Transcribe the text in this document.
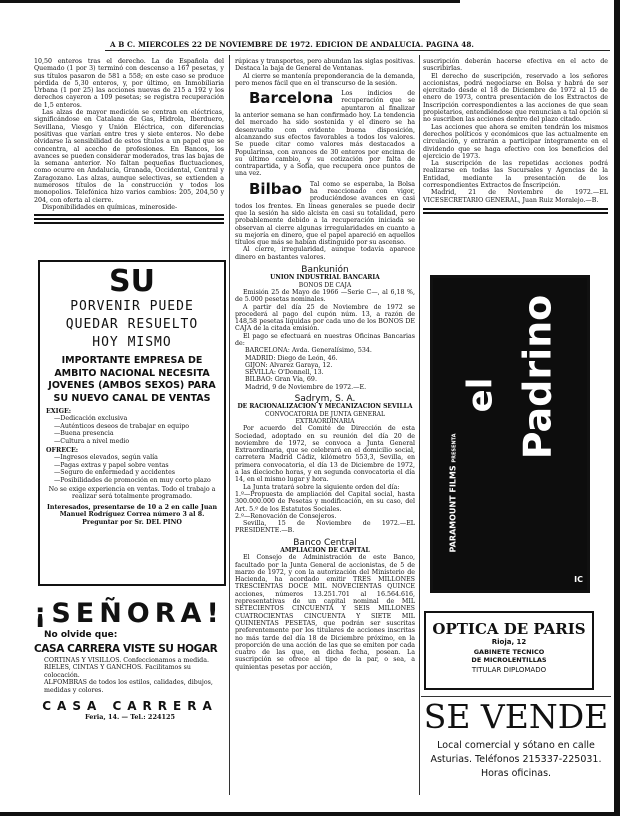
A B C. MIERCOLES 22 DE NOVIEMBRE DE 1972. EDICION DE ANDALUCIA. PAGINA 48.

10,50 enteros tras el derecho. La de Española del Quemado (1 por 3) terminó con descenso a 167 pesetas, y sus títulos pasaron de 581 a 558; en este caso se produce pérdida de 5,30 enteros, y, por último, en Inmobiliaria Urbana (1 por 25) las acciones nuevas de 215 a 192 y los derechos cayeron a 109 pesetas; se registra recuperación de 1,5 enteros.

Las alzas de mayor medición se centran en eléctricas, significándose en Catalana de Gas, Hidrola, Iberduero, Sevillana, Viesgo y Unión Eléctrica, con diferencias positivas que varían entre tres y siete enteros. No debe olvidarse la sensibilidad de estos títulos a un papel que se concentra, al acecho de profesiones. En Bancos, los avances se pueden considerar moderados, tras las bajas de la semana anterior. No faltan pequeñas fluctuaciones, como ocurre en Andalucía, Granada, Occidental, Central y Zaragozano. Las alzas, aunque selectivas, se extienden a numerosos títulos de la construcción y todos los monopolios. Telefónica hizo varios cambios: 205, 204,50 y 204, con oferta al cierre.

Disponibilidades en químicas, mineroside-

SU
PORVENIR PUEDE
QUEDAR RESUELTO
HOY MISMO
IMPORTANTE EMPRESA DE AMBITO NACIONAL NECESITA JOVENES (AMBOS SEXOS) PARA SU NUEVO CANAL DE VENTAS
EXIGE:
—Dedicación exclusiva
—Auténticos deseos de trabajar en equipo
—Buena presencia
—Cultura a nivel medio
OFRECE:
—Ingresos elevados, según valía
—Pagas extras y papel sobre ventas
—Seguro de enfermedad y accidentes
—Posibilidades de promoción en muy corto plazo
No se exige experiencia en ventas. Todo el trabajo a realizar será totalmente programado.
Interesados, presentarse de 10 a 2 en calle Juan Manuel Rodríguez Correa número 3 al 8. Preguntar por Sr. DEL PINO
¡SEÑORA!
No olvide que:
CASA CARRERA VISTE SU HOGAR
CORTINAS Y VISILLOS. Confeccionamos a medida.
RIELES, CINTAS Y GANCHOS. Facilitamos su colocación.
ALFOMBRAS de todos los estilos, calidades, dibujos, medidas y colores.
CASA CARRERA
Feria, 14. — Tel.: 224125

rúpicas y transportes, pero abundan las siglas positivas. Destaca la baja de General de Ventanas.

Al cierre se mantenía preponderancia de la demanda, pero menos fácil que en el transcurso de la sesión.

Barcelona Los indicios de recuperación que se apuntaron al finalizar la anterior semana se han confirmado hoy. La tendencia del mercado ha sido sostenida y el dinero se ha desenvuelto con evidente buena disposición, alcanzando sus efectos favorables a todos los valores. Se puede citar como valores más destacados a Popularinsa, con avances de 30 enteros por encima de su último cambio, y su cotización por falta de contrapartida, y a Sofía, que recupera once puntos de una vez.
Bilbao Tal como se esperaba, la Bolsa ha reaccionado con vigor, produciéndose avances en casi todos los frentes. En líneas generales se puede decir que la sesión ha sido alcista en casi su totalidad, pero probablemente debido a la recuperación iniciada se observan al cierre algunas irregularidades en cuanto a su mejoría en dinero, que el papel apareció en aquellos títulos que más se habían distinguido por su ascenso.

Al cierre, irregularidad, aunque todavía aparece dinero en bastantes valores.

Bankunión
UNION INDUSTRIAL BANCARIA
BONOS DE CAJA

Emisión 25 de Mayo de 1966 —Serie C—, al 6,18 %, de 5.000 pesetas nominales.

A partir del día 25 de Noviembre de 1972 se procederá al pago del cupón núm. 13, a razón de 148,58 pesetas líquidas por cada uno de los BONOS DE CAJA de la citada emisión.

El pago se efectuará en nuestras Oficinas Bancarias de:

BARCELONA: Avda. Generalísimo, 534.
MADRID: Diego de León, 46.
GIJON: Alvarez Garaya, 12.
SEVILLA: O'Donnell, 13.
BILBAO: Gran Vía, 69.
Madrid, 9 de Noviembre de 1972.—E.
Sadrym, S. A.
DE RACIONALIZACION Y MECANIZACION SEVILLA
CONVOCATORIA DE JUNTA GENERAL EXTRAORDINARIA

Por acuerdo del Comité de Dirección de esta Sociedad, adoptado en su reunión del día 20 de noviembre de 1972, se convoca a Junta General Extraordinaria, que se celebrará en el domicilio social, carretera Madrid Cádiz, kilómetro 553,3, Sevilla, en primera convocatoria, el día 13 de Diciembre de 1972, a las dieciocho horas, y en segunda convocatoria el día 14, en el mismo lugar y hora.

La Junta tratará sobre la siguiente orden del día:

1.º—Propuesta de ampliación del Capital social, hasta 300.000.000 de Pesetas y modificación, en su caso, del Art. 5.º de los Estatutos Sociales.
2.º—Renovación de Consejeros.

Sevilla, 15 de Noviembre de 1972.—EL PRESIDENTE.—B.

Banco Central
AMPLIACION DE CAPITAL

El Consejo de Administración de este Banco, facultado por la Junta General de accionistas, de 5 de marzo de 1972, y con la autorización del Ministerio de Hacienda, ha acordado emitir TRES MILLONES TRESCIENTAS DOCE MIL NOVECIENTAS QUINCE acciones, números 13.251.701 al 16.564.616, representativas de un capital nominal de MIL SETECIENTOS CINCUENTA Y SEIS MILLONES CUATROCIENTAS CINCUENTA Y SIETE MIL QUINIENTAS PESETAS, que podrán ser suscritas preferentemente por los titulares de acciones inscritas no más tarde del día 18 de Diciembre próximo, en la proporción de una acción de las que se emiten por cada cuatro de las que, en dicha fecha, posean. La suscripción se ofrece al tipo de la par, o sea, a quinientas pesetas por acción,

suscripción deberán hacerse efectiva en el acto de suscribirlas.

El derecho de suscripción, reservado a los señores accionistas, podrá negociarse en Bolsa y habrá de ser ejercitado desde el 18 de Diciembre de 1972 al 15 de enero de 1973, contra presentación de los Extractos de Inscripción correspondientes a las acciones de que sean propietarios, entendiéndose que renuncian a tal opción si no suscriben las acciones dentro del plazo citado.

Las acciones que ahora se emiten tendrán los mismos derechos políticos y económicos que las actualmente en circulación, y entrarán a participar íntegramente en el dividendo que se haga efectivo con los beneficios del ejercicio de 1973.

La suscripción de las repetidas acciones podrá realizarse en todas las Sucursales y Agencias de la Entidad, mediante la presentación de los correspondientes Extractos de Inscripción.

Madrid, 21 de Noviembre de 1972.—EL VICESECRETARIO GENERAL, Juan Ruiz Moralejo.—B.

PARAMOUNT FILMS PRESENTA
el Padrino
IC
OPTICA DE PARIS
Rioja, 12
GABINETE TECNICO
DE MICROLENTILLAS
TITULAR DIPLOMADO
SE VENDE
Local comercial y sótano en calle Asturias. Teléfonos 215337-225031. Horas oficinas.
